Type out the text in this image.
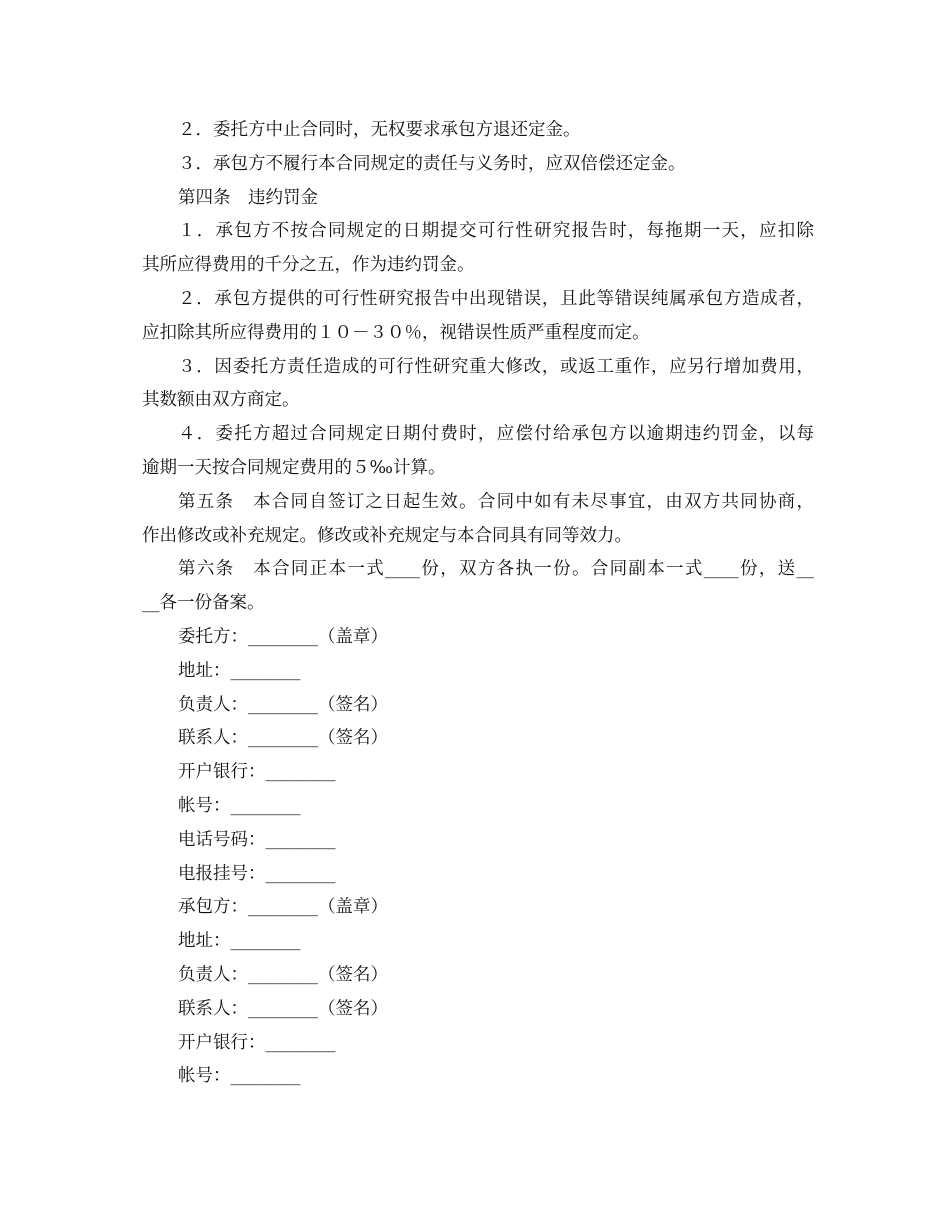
２．委托方中止合同时，无权要求承包方退还定金。

３．承包方不履行本合同规定的责任与义务时，应双倍偿还定金。

第四条　违约罚金

１．承包方不按合同规定的日期提交可行性研究报告时，每拖期一天，应扣除

其所应得费用的千分之五，作为违约罚金。

２．承包方提供的可行性研究报告中出现错误，且此等错误纯属承包方造成者，

应扣除其所应得费用的１０－３０％，视错误性质严重程度而定。

３．因委托方责任造成的可行性研究重大修改，或返工重作，应另行增加费用，

其数额由双方商定。

４．委托方超过合同规定日期付费时，应偿付给承包方以逾期违约罚金，以每

逾期一天按合同规定费用的５‰计算。

第五条　本合同自签订之日起生效。合同中如有未尽事宜，由双方共同协商，

作出修改或补充规定。修改或补充规定与本合同具有同等效力。

第六条　本合同正本一式____份，双方各执一份。合同副本一式____份，送__

__各一份备案。

委托方：________（盖章）

地址：________

负责人：________（签名）

联系人：________（签名）

开户银行：________

帐号：________

电话号码：________

电报挂号：________

承包方：________（盖章）

地址：________

负责人：________（签名）

联系人：________（签名）

开户银行：________

帐号：________
